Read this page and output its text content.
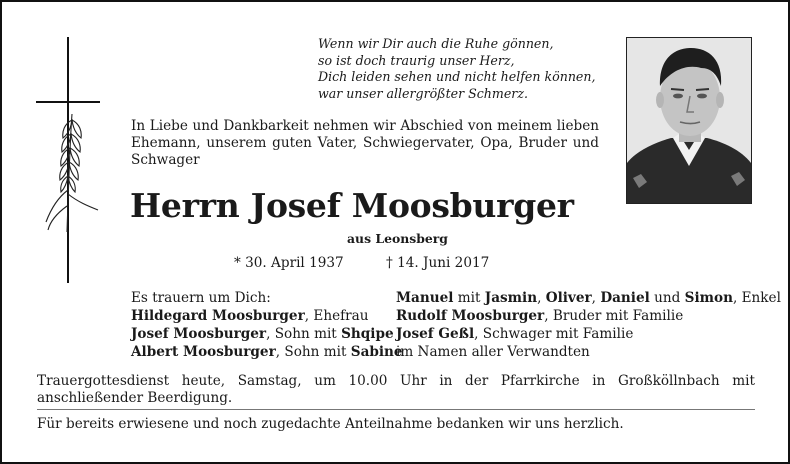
Wenn wir Dir auch die Ruhe gönnen,
so ist doch traurig unser Herz,
Dich leiden sehen und nicht helfen können,
war unser allergrößter Schmerz.
In Liebe und Dankbarkeit nehmen wir Abschied von meinem lieben Ehemann, unserem guten Vater, Schwiegervater, Opa, Bruder und Schwager
Herrn Josef Moosburger
aus Leonsberg
* 30. April 1937	† 14. Juni 2017
Es trauern um Dich:
Hildegard Moosburger, Ehefrau
Josef Moosburger, Sohn mit Shqipe
Albert Moosburger, Sohn mit Sabine
Manuel mit Jasmin, Oliver, Daniel und Simon, Enkel
Rudolf Moosburger, Bruder mit Familie
Josef Geßl, Schwager mit Familie
im Namen aller Verwandten
Trauergottesdienst heute, Samstag, um 10.00 Uhr in der Pfarrkirche in Großköllnbach mit anschließender Beerdigung.
Für bereits erwiesene und noch zugedachte Anteilnahme bedanken wir uns herzlich.
